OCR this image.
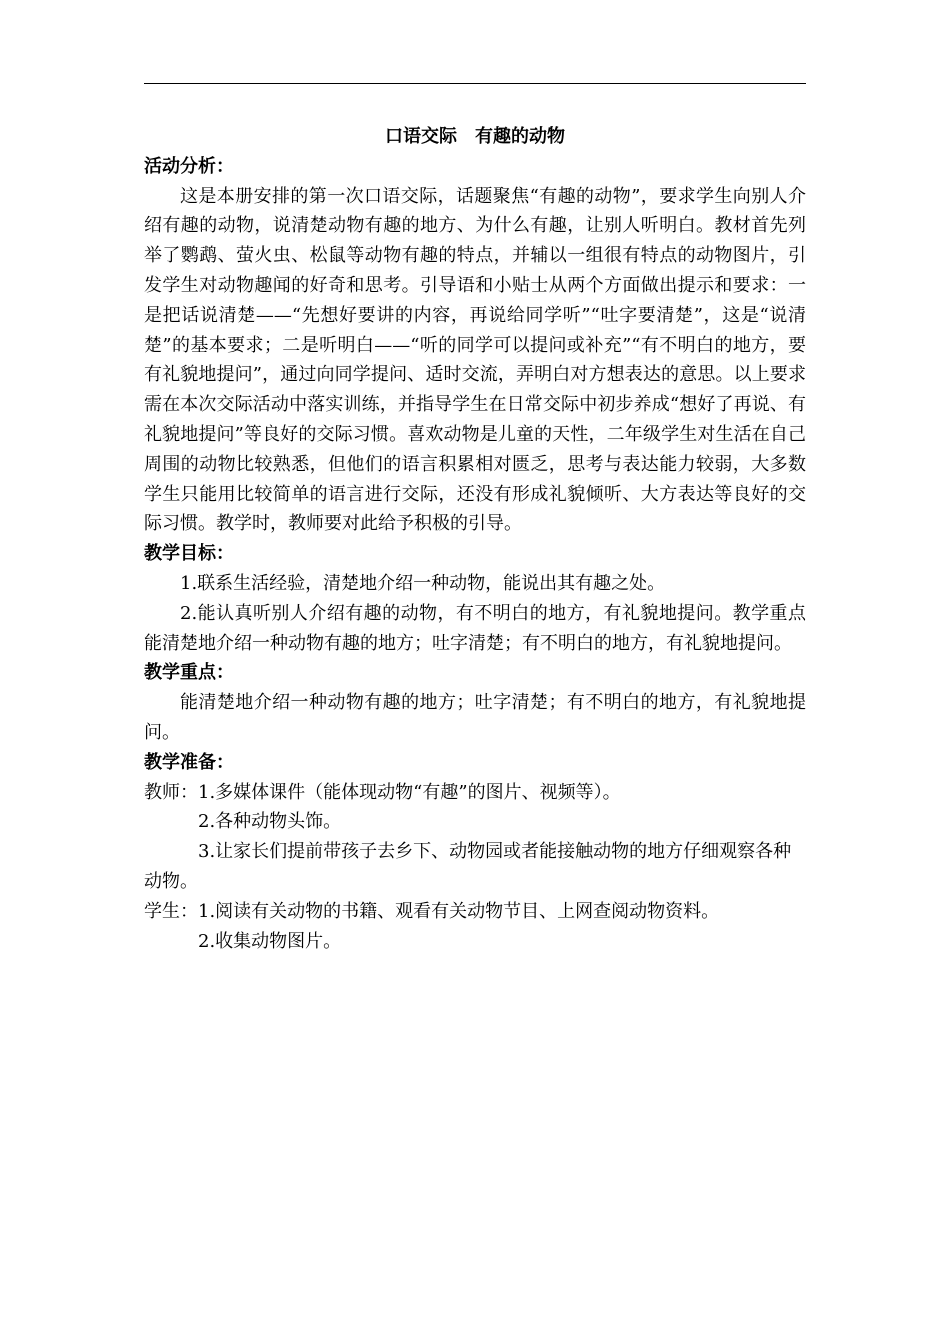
口语交际　有趣的动物

活动分析：

这是本册安排的第一次口语交际，话题聚焦“有趣的动物”，要求学生向别人介绍有趣的动物，说清楚动物有趣的地方、为什么有趣，让别人听明白。教材首先列举了鹦鹉、萤火虫、松鼠等动物有趣的特点，并辅以一组很有特点的动物图片，引发学生对动物趣闻的好奇和思考。引导语和小贴士从两个方面做出提示和要求：一是把话说清楚——“先想好要讲的内容，再说给同学听”“吐字要清楚”，这是“说清楚”的基本要求；二是听明白——“听的同学可以提问或补充”“有不明白的地方，要有礼貌地提问”，通过向同学提问、适时交流，弄明白对方想表达的意思。以上要求需在本次交际活动中落实训练，并指导学生在日常交际中初步养成“想好了再说、有礼貌地提问”等良好的交际习惯。喜欢动物是儿童的天性，二年级学生对生活在自己周围的动物比较熟悉，但他们的语言积累相对匮乏，思考与表达能力较弱，大多数学生只能用比较简单的语言进行交际，还没有形成礼貌倾听、大方表达等良好的交际习惯。教学时，教师要对此给予积极的引导。

教学目标：

1.联系生活经验，清楚地介绍一种动物，能说出其有趣之处。

2.能认真听别人介绍有趣的动物，有不明白的地方，有礼貌地提问。教学重点能清楚地介绍一种动物有趣的地方；吐字清楚；有不明白的地方，有礼貌地提问。

教学重点：

能清楚地介绍一种动物有趣的地方；吐字清楚；有不明白的地方，有礼貌地提问。

教学准备：

教师：1.多媒体课件（能体现动物“有趣”的图片、视频等）。

2.各种动物头饰。

3.让家长们提前带孩子去乡下、动物园或者能接触动物的地方仔细观察各种动物。

学生：1.阅读有关动物的书籍、观看有关动物节目、上网查阅动物资料。

2.收集动物图片。
